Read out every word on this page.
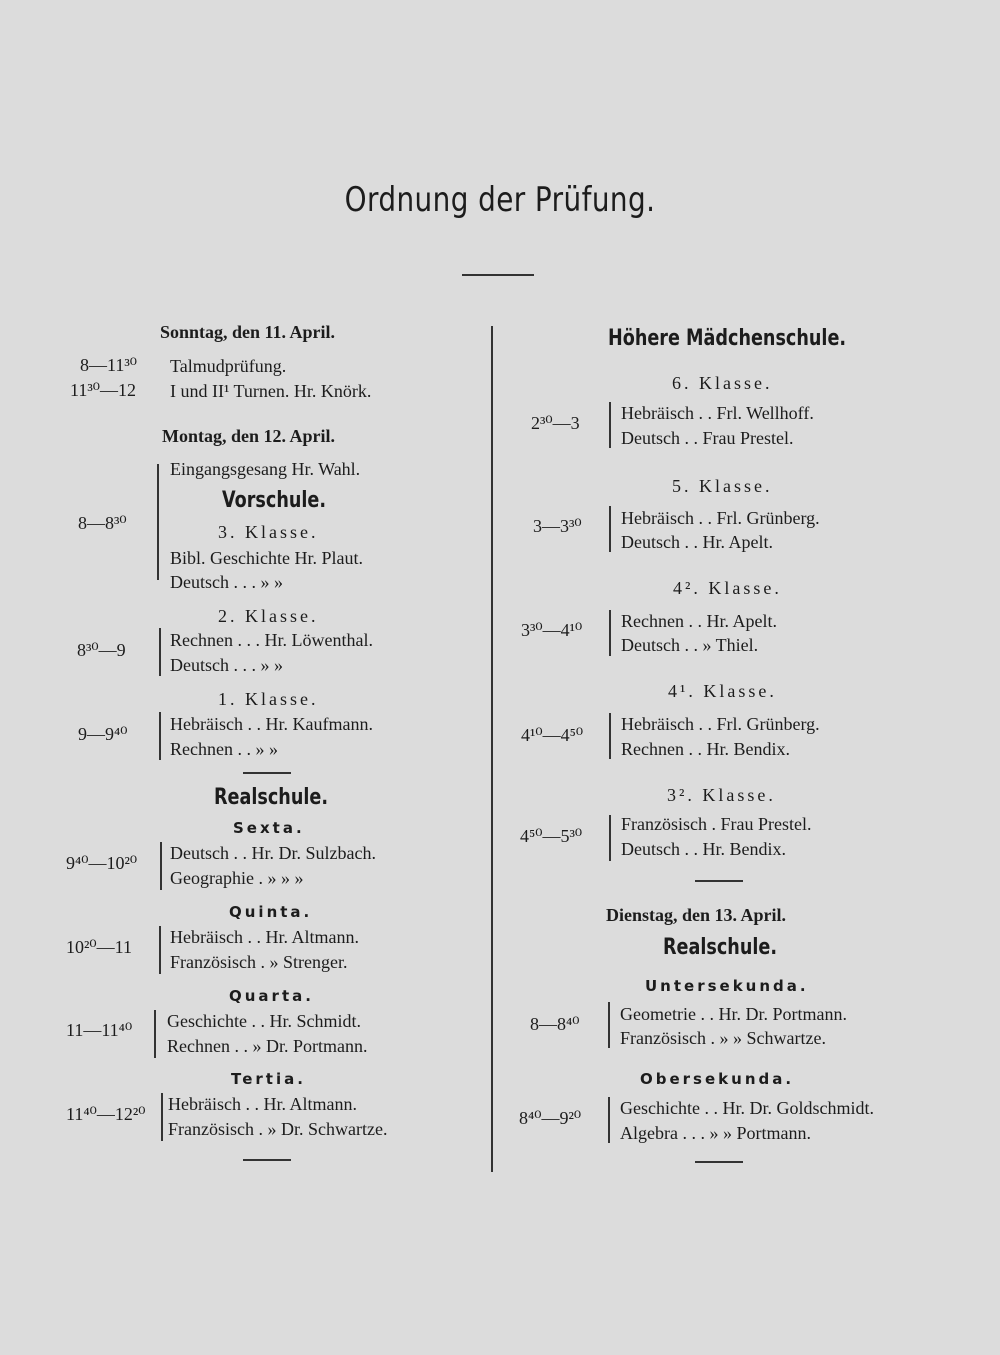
Ordnung der Prüfung.
Sonntag, den 11. April.
8—11³⁰ Talmudprüfung.
11³⁰—12 I und II¹ Turnen. Hr. Knörk.
Montag, den 12. April.
8—8³⁰
Eingangsgesang Hr. Wahl.
Vorschule.
3. Klasse.
Bibl. Geschichte Hr. Plaut.
Deutsch . . . » »
2. Klasse.
8³⁰—9 Rechnen . . . Hr. Löwenthal.
Deutsch . . . » »
1. Klasse.
9—9⁴⁰ Hebräisch . . Hr. Kaufmann.
Rechnen . . » »
Realschule.
Sexta.
9⁴⁰—10²⁰ Deutsch . . Hr. Dr. Sulzbach.
Geographie . » » »
Quinta.
10²⁰—11 Hebräisch . . Hr. Altmann.
Französisch . » Strenger.
Quarta.
11—11⁴⁰ Geschichte . . Hr. Schmidt.
Rechnen . . » Dr. Portmann.
Tertia.
11⁴⁰—12²⁰ Hebräisch . . Hr. Altmann.
Französisch . » Dr. Schwartze.
Höhere Mädchenschule.
6. Klasse.
2³⁰—3 Hebräisch . . Frl. Wellhoff.
Deutsch . . Frau Prestel.
5. Klasse.
3—3³⁰ Hebräisch . . Frl. Grünberg.
Deutsch . . Hr. Apelt.
4². Klasse.
3³⁰—4¹⁰ Rechnen . . Hr. Apelt.
Deutsch . . » Thiel.
4¹. Klasse.
4¹⁰—4⁵⁰
Hebräisch . . Frl. Grünberg.
Rechnen . . Hr. Bendix.
3². Klasse.
4⁵⁰—5³⁰
Französisch . Frau Prestel.
Deutsch . . Hr. Bendix.
Dienstag, den 13. April.
Realschule.
Untersekunda.
8—8⁴⁰ Geometrie . . Hr. Dr. Portmann.
Französisch . » » Schwartze.
Obersekunda.
8⁴⁰—9²⁰ Geschichte . . Hr. Dr. Goldschmidt.
Algebra . . . » » Portmann.
